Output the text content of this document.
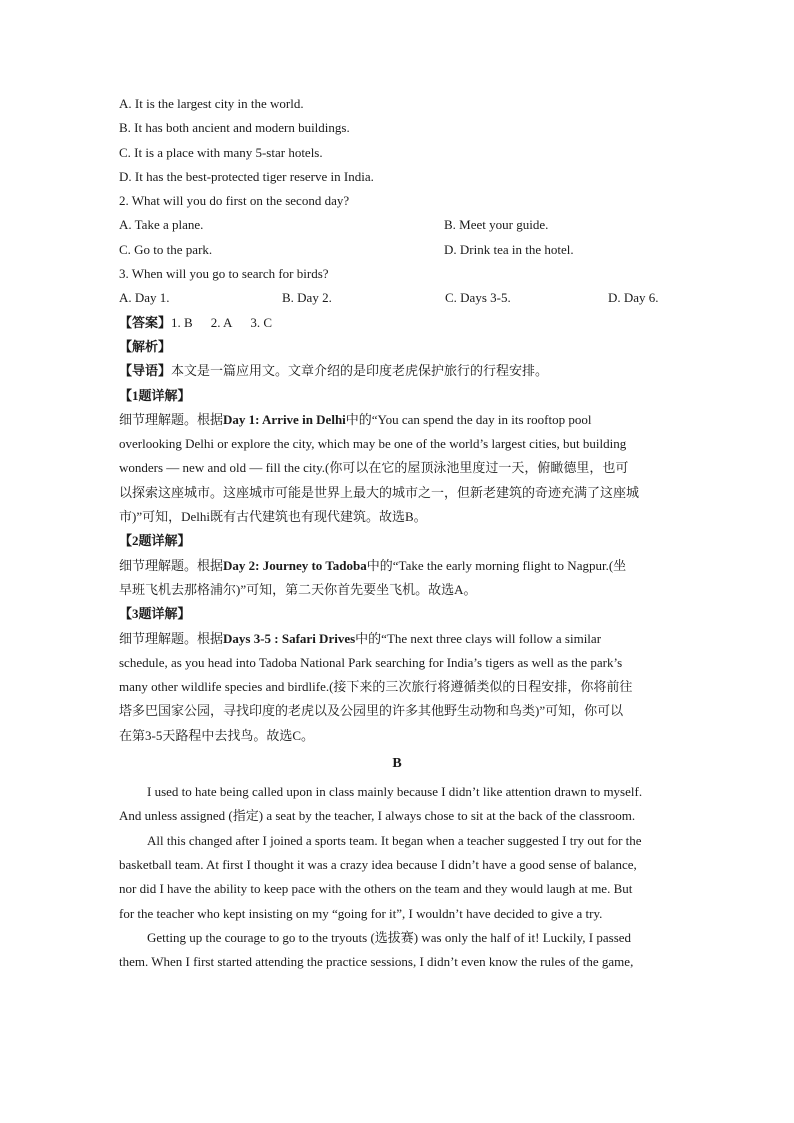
A. It is the largest city in the world.
B. It has both ancient and modern buildings.
C. It is a place with many 5-star hotels.
D. It has the best-protected tiger reserve in India.
2. What will you do first on the second day?
A. Take a plane.	B. Meet your guide.
C. Go to the park.	D. Drink tea in the hotel.
3. When will you go to search for birds?
A. Day 1.	B. Day 2.	C. Days 3-5.	D. Day 6.
【答案】1. B 2. A 3. C
【解析】
【导语】本文是一篇应用文。文章介绍的是印度老虎保护旅行的行程安排。
【1题详解】
细节理解题。根据Day 1: Arrive in Delhi中的“You can spend the day in its rooftop pool
overlooking Delhi or explore the city, which may be one of the world’s largest cities, but building
wonders — new and old — fill the city.(你可以在它的屋顶泳池里度过一天，俯瞰德里，也可
以探索这座城市。这座城市可能是世界上最大的城市之一，但新老建筑的奇迹充满了这座城
市)”可知，Delhi既有古代建筑也有现代建筑。故选B。
【2题详解】
细节理解题。根据Day 2: Journey to Tadoba中的“Take the early morning flight to Nagpur.(坐
早班飞机去那格浦尔)”可知，第二天你首先要坐飞机。故选A。
【3题详解】
细节理解题。根据Days 3-5 : Safari Drives中的“The next three clays will follow a similar
schedule, as you head into Tadoba National Park searching for India’s tigers as well as the park’s
many other wildlife species and birdlife.(接下来的三次旅行将遵循类似的日程安排，你将前往
塔多巴国家公园，寻找印度的老虎以及公园里的许多其他野生动物和鸟类)”可知，你可以
在第3-5天路程中去找鸟。故选C。
B
I used to hate being called upon in class mainly because I didn’t like attention drawn to myself.
And unless assigned (指定) a seat by the teacher, I always chose to sit at the back of the classroom.
All this changed after I joined a sports team. It began when a teacher suggested I try out for the
basketball team. At first I thought it was a crazy idea because I didn’t have a good sense of balance,
nor did I have the ability to keep pace with the others on the team and they would laugh at me. But
for the teacher who kept insisting on my “going for it”, I wouldn’t have decided to give a try.
Getting up the courage to go to the tryouts (选拔赛) was only the half of it! Luckily, I passed
them. When I first started attending the practice sessions, I didn’t even know the rules of the game,
